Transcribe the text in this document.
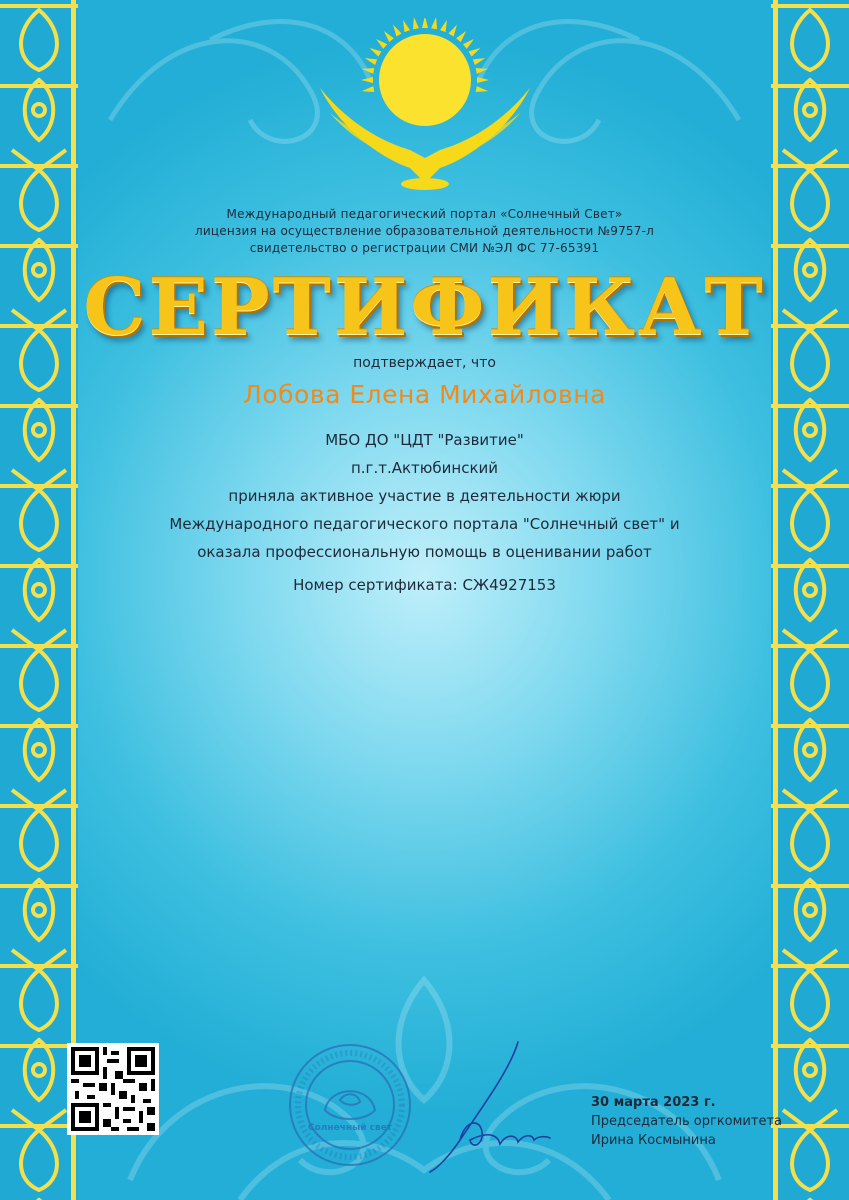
Международный педагогический портал «Солнечный Свет»
лицензия на осуществление образовательной деятельности №9757-л
свидетельство о регистрации СМИ №ЭЛ ФС 77-65391
СЕРТИФИКАТ
подтверждает, что
Лобова Елена Михайловна
МБО ДО "ЦДТ "Развитие"
п.г.т.Актюбинский
приняла активное участие в деятельности жюри
Международного педагогического портала "Солнечный свет" и
оказала профессиональную помощь в оценивании работ
Номер сертификата: СЖ4927153
Солнечный свет
30 марта 2023 г.
Председатель оргкомитета
Ирина Космынина
